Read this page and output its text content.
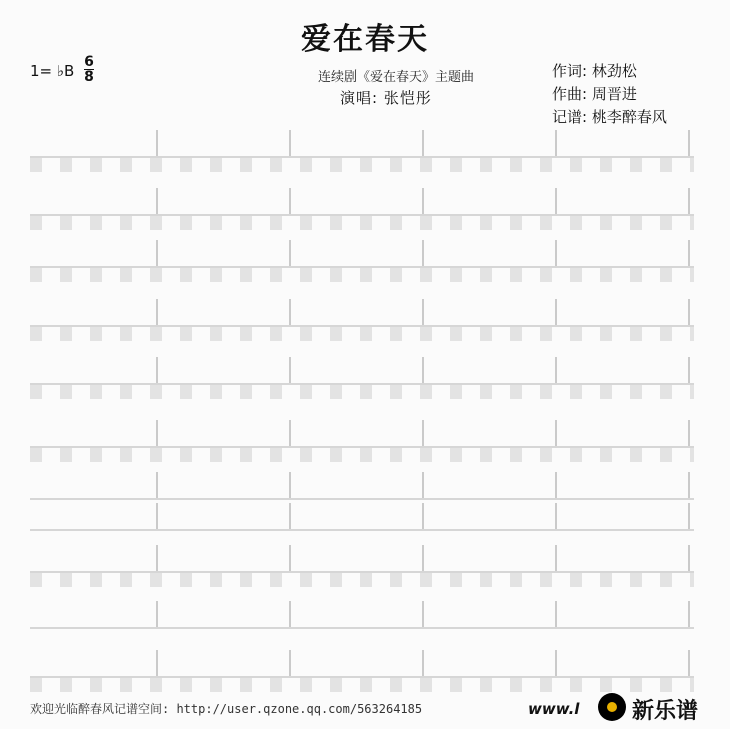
爱在春天
1= ♭B 6
8	连续剧《爱在春天》主题曲
演唱: 张恺彤
作词: 林劲松
作曲: 周晋进
记谱: 桃李醉春风
欢迎光临醉春风记谱空间: http://user.qzone.qq.com/563264185	www.l 新乐谱
